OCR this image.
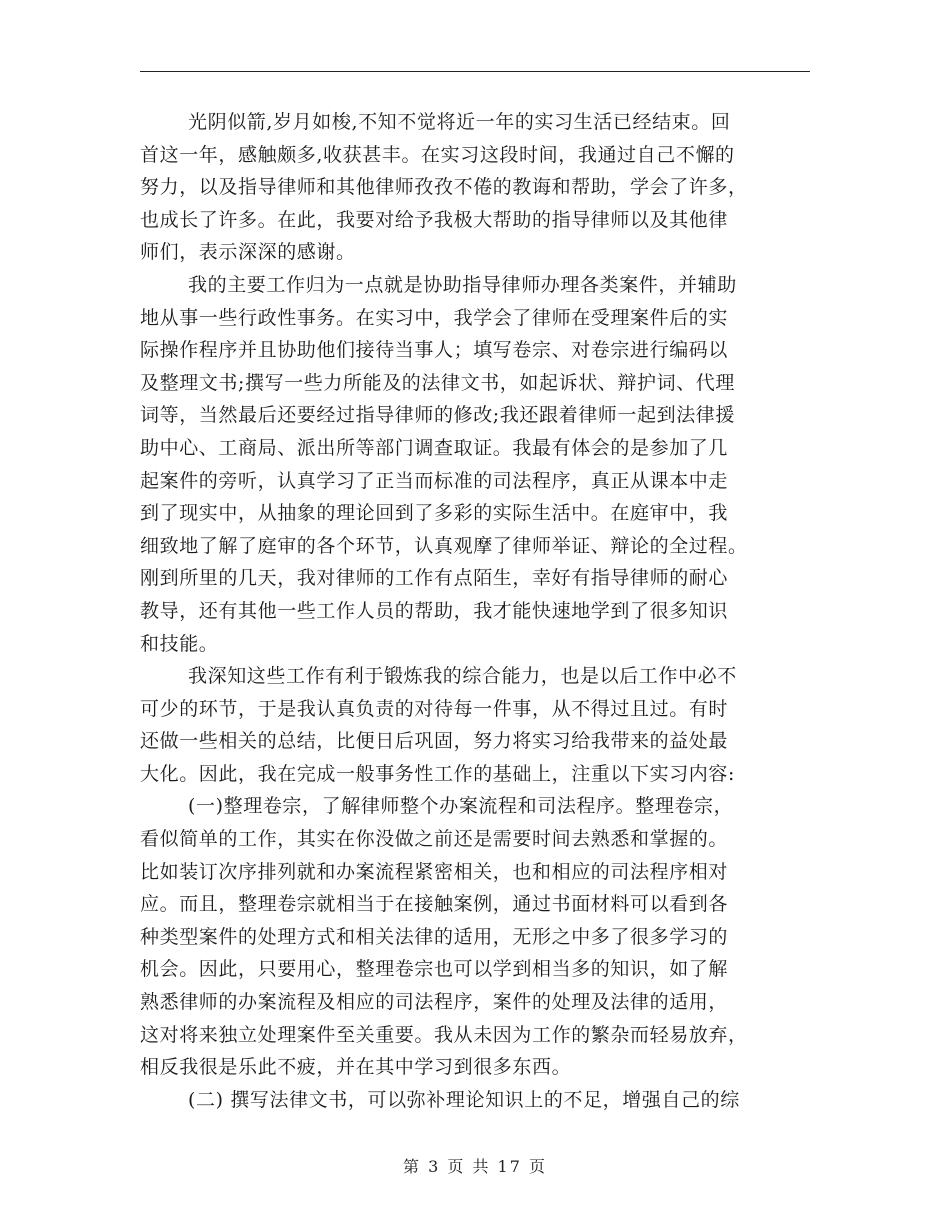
光阴似箭,岁月如梭,不知不觉将近一年的实习生活已经结束。回
首这一年，感触颇多,收获甚丰。在实习这段时间，我通过自己不懈的
努力，以及指导律师和其他律师孜孜不倦的教诲和帮助，学会了许多，
也成长了许多。在此，我要对给予我极大帮助的指导律师以及其他律
师们，表示深深的感谢。
我的主要工作归为一点就是协助指导律师办理各类案件，并辅助
地从事一些行政性事务。在实习中，我学会了律师在受理案件后的实
际操作程序并且协助他们接待当事人；填写卷宗、对卷宗进行编码以
及整理文书;撰写一些力所能及的法律文书，如起诉状、辩护词、代理
词等，当然最后还要经过指导律师的修改;我还跟着律师一起到法律援
助中心、工商局、派出所等部门调查取证。我最有体会的是参加了几
起案件的旁听，认真学习了正当而标准的司法程序，真正从课本中走
到了现实中，从抽象的理论回到了多彩的实际生活中。在庭审中，我
细致地了解了庭审的各个环节，认真观摩了律师举证、辩论的全过程。
刚到所里的几天，我对律师的工作有点陌生，幸好有指导律师的耐心
教导，还有其他一些工作人员的帮助，我才能快速地学到了很多知识
和技能。
我深知这些工作有利于锻炼我的综合能力，也是以后工作中必不
可少的环节，于是我认真负责的对待每一件事，从不得过且过。有时
还做一些相关的总结，比便日后巩固，努力将实习给我带来的益处最
大化。因此，我在完成一般事务性工作的基础上，注重以下实习内容:
(一)整理卷宗，了解律师整个办案流程和司法程序。整理卷宗，
看似简单的工作，其实在你没做之前还是需要时间去熟悉和掌握的。
比如装订次序排列就和办案流程紧密相关，也和相应的司法程序相对
应。而且，整理卷宗就相当于在接触案例，通过书面材料可以看到各
种类型案件的处理方式和相关法律的适用，无形之中多了很多学习的
机会。因此，只要用心，整理卷宗也可以学到相当多的知识，如了解
熟悉律师的办案流程及相应的司法程序，案件的处理及法律的适用，
这对将来独立处理案件至关重要。我从未因为工作的繁杂而轻易放弃，
相反我很是乐此不疲，并在其中学习到很多东西。
(二) 撰写法律文书，可以弥补理论知识上的不足，增强自己的综
第 3 页 共 17 页
